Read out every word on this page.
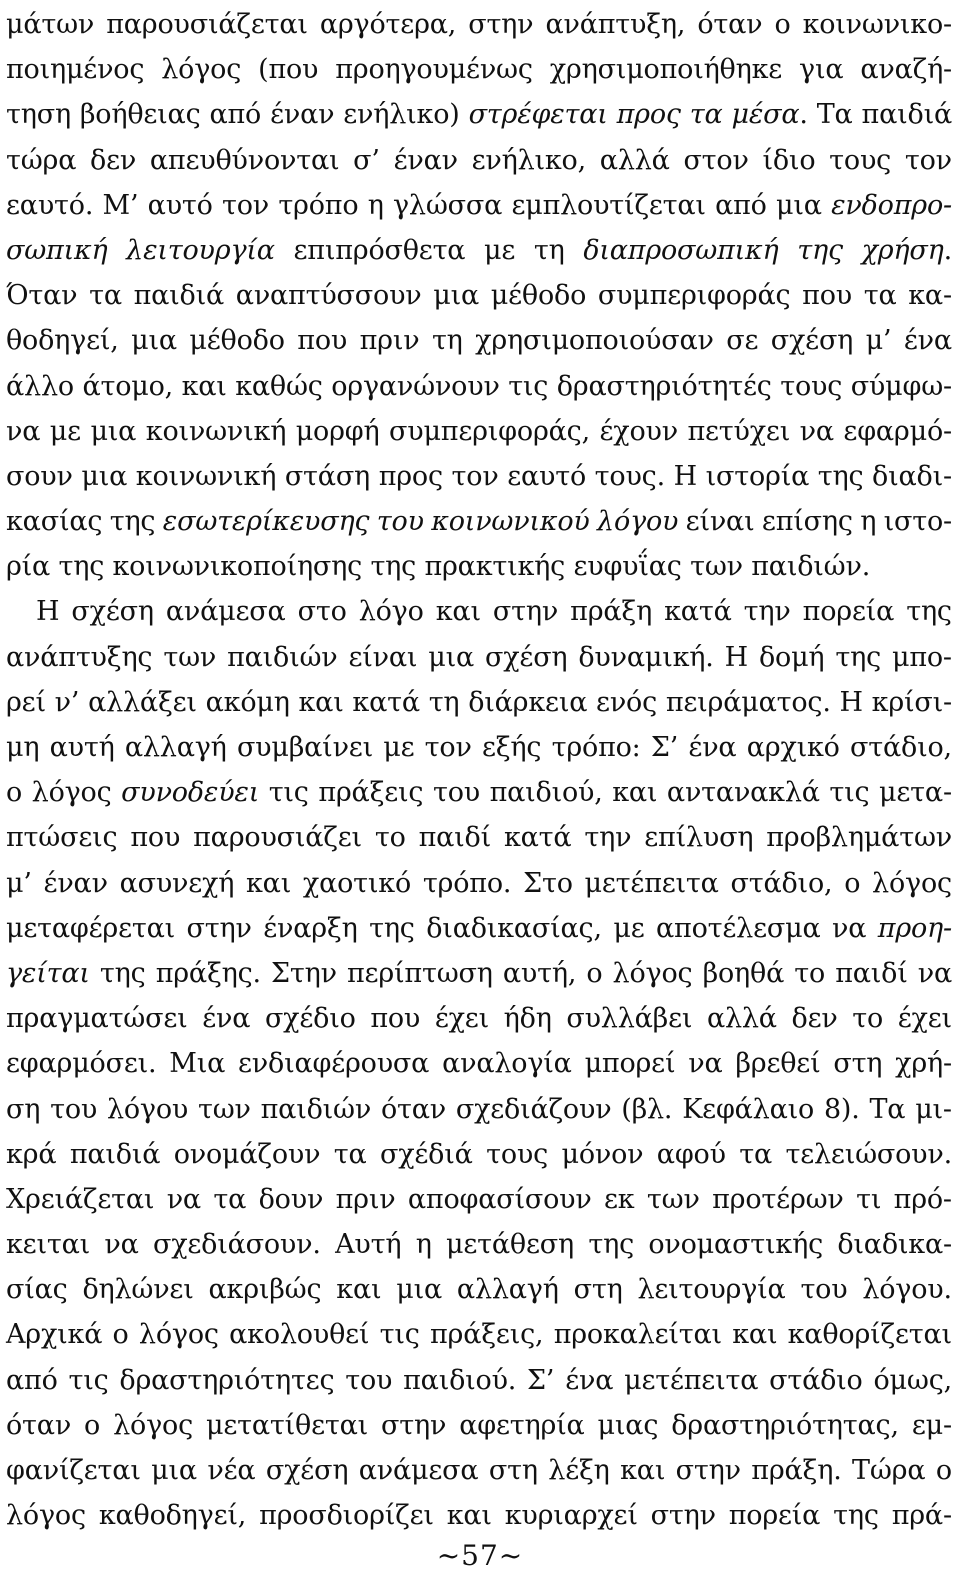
μάτων παρουσιάζεται αργότερα, στην ανάπτυξη, όταν ο κοινωνικο-
ποιημένος λόγος (που προηγουμένως χρησιμοποιήθηκε για αναζή-
τηση βοήθειας από έναν ενήλικο) στρέφεται προς τα μέσα. Τα παιδιά
τώρα δεν απευθύνονται σ’ έναν ενήλικο, αλλά στον ίδιο τους τον
εαυτό. Μ’ αυτό τον τρόπο η γλώσσα εμπλουτίζεται από μια ενδοπρο-
σωπική λειτουργία επιπρόσθετα με τη διαπροσωπική της χρήση.
Όταν τα παιδιά αναπτύσσουν μια μέθοδο συμπεριφοράς που τα κα-
θοδηγεί, μια μέθοδο που πριν τη χρησιμοποιούσαν σε σχέση μ’ ένα
άλλο άτομο, και καθώς οργανώνουν τις δραστηριότητές τους σύμφω-
να με μια κοινωνική μορφή συμπεριφοράς, έχουν πετύχει να εφαρμό-
σουν μια κοινωνική στάση προς τον εαυτό τους. Η ιστορία της διαδι-
κασίας της εσωτερίκευσης του κοινωνικού λόγου είναι επίσης η ιστο-
ρία της κοινωνικοποίησης της πρακτικής ευφυΐας των παιδιών.
Η σχέση ανάμεσα στο λόγο και στην πράξη κατά την πορεία της
ανάπτυξης των παιδιών είναι μια σχέση δυναμική. Η δομή της μπο-
ρεί ν’ αλλάξει ακόμη και κατά τη διάρκεια ενός πειράματος. Η κρίσι-
μη αυτή αλλαγή συμβαίνει με τον εξής τρόπο: Σ’ ένα αρχικό στάδιο,
ο λόγος συνοδεύει τις πράξεις του παιδιού, και αντανακλά τις μετα-
πτώσεις που παρουσιάζει το παιδί κατά την επίλυση προβλημάτων
μ’ έναν ασυνεχή και χαοτικό τρόπο. Στο μετέπειτα στάδιο, ο λόγος
μεταφέρεται στην έναρξη της διαδικασίας, με αποτέλεσμα να προη-
γείται της πράξης. Στην περίπτωση αυτή, ο λόγος βοηθά το παιδί να
πραγματώσει ένα σχέδιο που έχει ήδη συλλάβει αλλά δεν το έχει
εφαρμόσει. Μια ενδιαφέρουσα αναλογία μπορεί να βρεθεί στη χρή-
ση του λόγου των παιδιών όταν σχεδιάζουν (βλ. Κεφάλαιο 8). Τα μι-
κρά παιδιά ονομάζουν τα σχέδιά τους μόνον αφού τα τελειώσουν.
Χρειάζεται να τα δουν πριν αποφασίσουν εκ των προτέρων τι πρό-
κειται να σχεδιάσουν. Αυτή η μετάθεση της ονομαστικής διαδικα-
σίας δηλώνει ακριβώς και μια αλλαγή στη λειτουργία του λόγου.
Αρχικά ο λόγος ακολουθεί τις πράξεις, προκαλείται και καθορίζεται
από τις δραστηριότητες του παιδιού. Σ’ ένα μετέπειτα στάδιο όμως,
όταν ο λόγος μετατίθεται στην αφετηρία μιας δραστηριότητας, εμ-
φανίζεται μια νέα σχέση ανάμεσα στη λέξη και στην πράξη. Τώρα ο
λόγος καθοδηγεί, προσδιορίζει και κυριαρχεί στην πορεία της πρά-
~57~
